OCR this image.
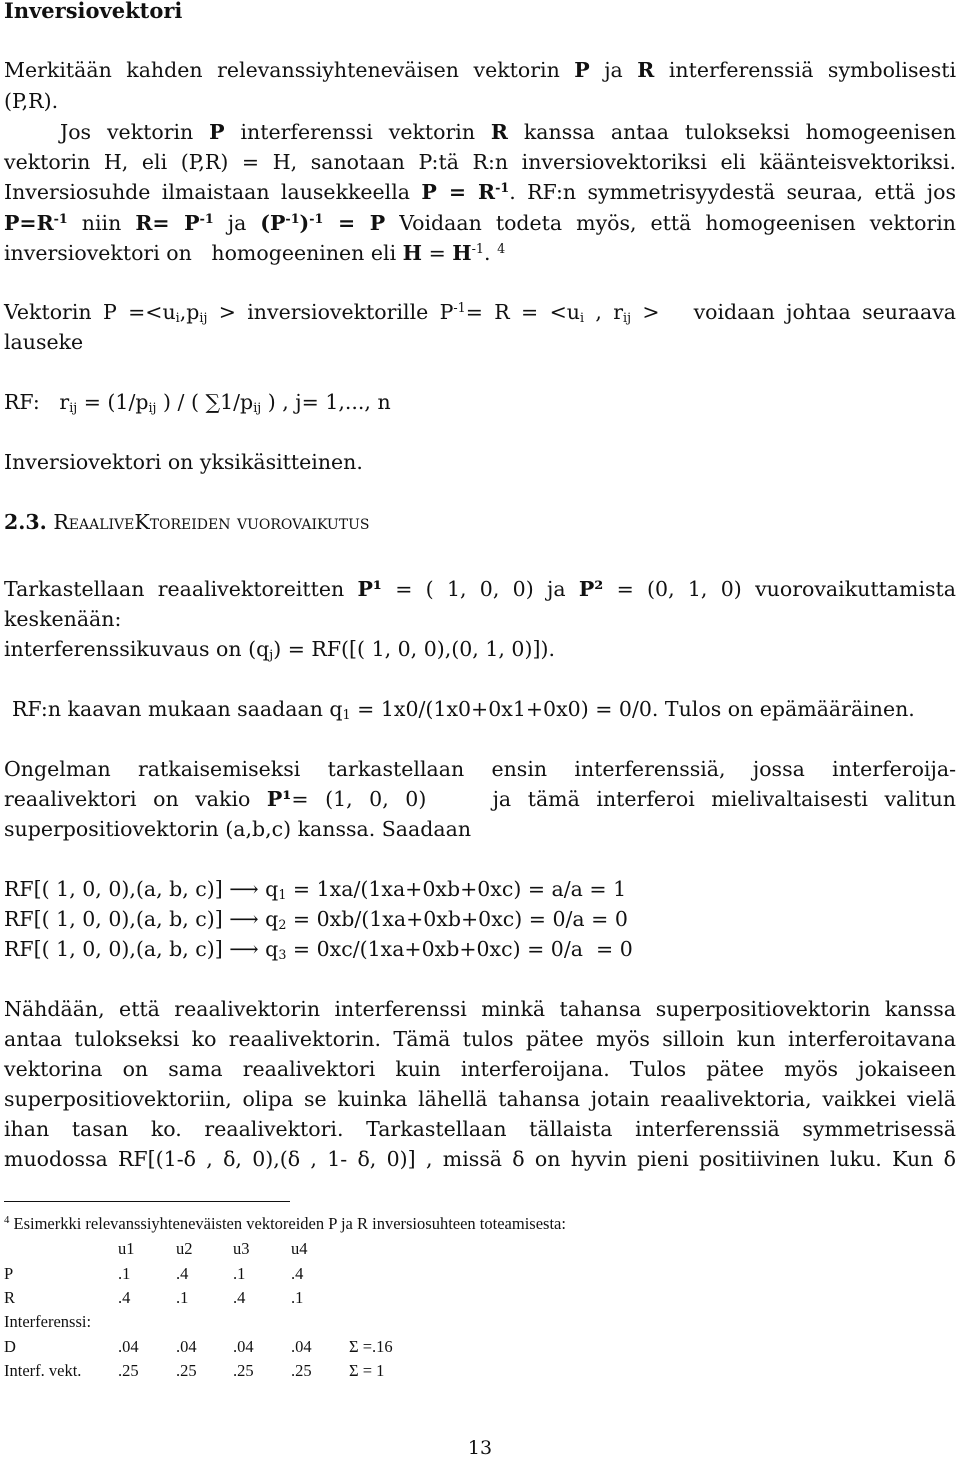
Inversiovektori
Merkitään kahden relevanssiyhteneväisen vektorin P ja R interferenssiä symbolisesti
(P,R).
Jos vektorin P interferenssi vektorin R kanssa antaa tulokseksi homogeenisen
vektorin H, eli (P,R) = H, sanotaan P:tä R:n inversiovektoriksi eli käänteisvektoriksi.
Inversiosuhde ilmaistaan lausekkeella $P = R^{-1}$. RF:n symmetrisyydestä seuraa, että jos
$P=R^{-1}$ niin $R= P^{-1}$ ja $(P^{-1})^{-1} = P$ Voidaan todeta myös, että homogeenisen vektorin
inversiovektori on   homogeeninen eli $H = H^{-1}$. $^4$
Vektorin $P =<u_i,p_{ij}$ > inversiovektorille $P^{-1}= R = <u_i$ , $r_{ij}$ >   voidaan johtaa seuraava
lauseke
RF:   $r_{ij} = (1/p_{ij}$ ) / ( $\sum 1/p_{ij}$ ) , j= 1,..., n
Inversiovektori on yksikäsitteinen.
2.3. ReaaliveKtoreiden vuorovaikutus
Tarkastellaan reaalivektoreitten P¹ = ( 1, 0, 0) ja P² = (0, 1, 0) vuorovaikuttamista
keskenään:
interferenssikuvaus on $(q_j) = RF$([( 1, 0, 0),(0, 1, 0)]).
RF:n kaavan mukaan saadaan $q_1 = 1x0/(1x0+0x1+0x0) = 0/0$. Tulos on epämääräinen.
Ongelman ratkaisemiseksi tarkastellaan ensin interferenssiä, jossa interferoija-
reaalivektori on vakio P¹= (1, 0, 0)    ja tämä interferoi mielivaltaisesti valitun
superpositiovektorin (a,b,c) kanssa. Saadaan
RF[( 1, 0, 0),(a, b, c)] ⟶ $q_1 = 1xa/(1xa+0xb+0xc) = a/a = 1$
RF[( 1, 0, 0),(a, b, c)] ⟶ $q_2 = 0xb/(1xa+0xb+0xc) = 0/a = 0$
RF[( 1, 0, 0),(a, b, c)] ⟶ $q_3 = 0xc/(1xa+0xb+0xc) = 0/a = 0$
Nähdään, että reaalivektorin interferenssi minkä tahansa superpositiovektorin kanssa
antaa tulokseksi ko reaalivektorin. Tämä tulos pätee myös silloin kun interferoitavana
vektorina on sama reaalivektori kuin interferoijana. Tulos pätee myös jokaiseen
superpositiovektoriin, olipa se kuinka lähellä tahansa jotain reaalivektoria, vaikkei vielä
ihan tasan ko. reaalivektori. Tarkastellaan tällaista interferenssiä symmetrisessä
muodossa RF[(1-δ , δ, 0),(δ , 1- δ, 0)] , missä δ on hyvin pieni positiivinen luku. Kun δ
$^4$ Esimerkki relevanssiyhteneväisten vektoreiden P ja R inversiosuhteen toteamisesta:
	u1	u2	u3	u4	
P	.1	.4	.1	.4	
R	.4	.1	.4	.1	
Interferenssi:					
D	.04	.04	.04	.04	Σ =.16
Interf. vekt.	.25	.25	.25	.25	Σ = 1
13
